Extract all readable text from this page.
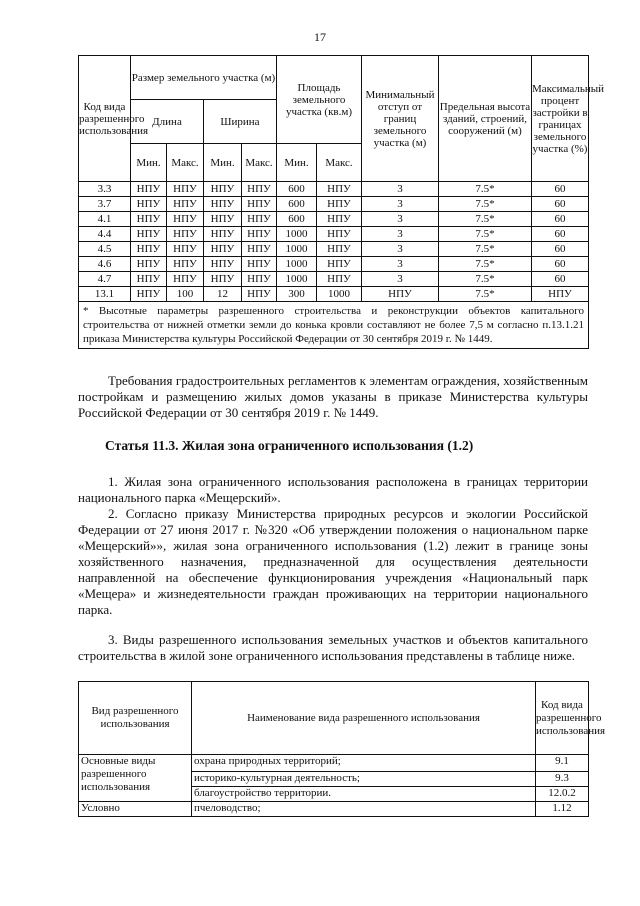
17
Код вида разрешенного использования	Размер земельного участка (м)				Площадь земельного участка (кв.м)		Минимальный отступ от границ земельного участка (м)	Предельная высота зданий, строений, сооружений (м)	Максимальный процент застройки в границах земельного участка (%)
	Длина		Ширина						
	Мин.	Макс.	Мин.	Макс.	Мин.	Макс.			
3.3	НПУ	НПУ	НПУ	НПУ	600	НПУ	3	7.5*	60
3.7	НПУ	НПУ	НПУ	НПУ	600	НПУ	3	7.5*	60
4.1	НПУ	НПУ	НПУ	НПУ	600	НПУ	3	7.5*	60
4.4	НПУ	НПУ	НПУ	НПУ	1000	НПУ	3	7.5*	60
4.5	НПУ	НПУ	НПУ	НПУ	1000	НПУ	3	7.5*	60
4.6	НПУ	НПУ	НПУ	НПУ	1000	НПУ	3	7.5*	60
4.7	НПУ	НПУ	НПУ	НПУ	1000	НПУ	3	7.5*	60
13.1	НПУ	100	12	НПУ	300	1000	НПУ	7.5*	НПУ
* Высотные параметры разрешенного строительства и реконструкции объектов капитального строительства от нижней отметки земли до конька кровли составляют не более 7,5 м согласно п.13.1.21 приказа Министерства культуры Российской Федерации от 30 сентября 2019 г. № 1449.									

Требования градостроительных регламентов к элементам ограждения, хозяйственным постройкам и размещению жилых домов указаны в приказе Министерства культуры Российской Федерации от 30 сентября 2019 г. № 1449.

Статья 11.3. Жилая зона ограниченного использования (1.2)

1. Жилая зона ограниченного использования расположена в границах территории национального парка «Мещерский».

2. Согласно приказу Министерства природных ресурсов и экологии Российской Федерации от 27 июня 2017 г. №320 «Об утверждении положения о национальном парке «Мещерский»», жилая зона ограниченного использования (1.2) лежит в границе зоны хозяйственного назначения, предназначенной для осуществления деятельности направленной на обеспечение функционирования учреждения «Национальный парк «Мещера» и жизнедеятельности граждан проживающих на территории национального парка.

3. Виды разрешенного использования земельных участков и объектов капитального строительства в жилой зоне ограниченного использования представлены в таблице ниже.

Вид разрешенного использования	Наименование вида разрешенного использования	Код вида разрешенного использования
Основные виды разрешенного использования	охрана природных территорий;	9.1
	историко-культурная деятельность;	9.3
	благоустройство территории.	12.0.2
Условно	пчеловодство;	1.12
